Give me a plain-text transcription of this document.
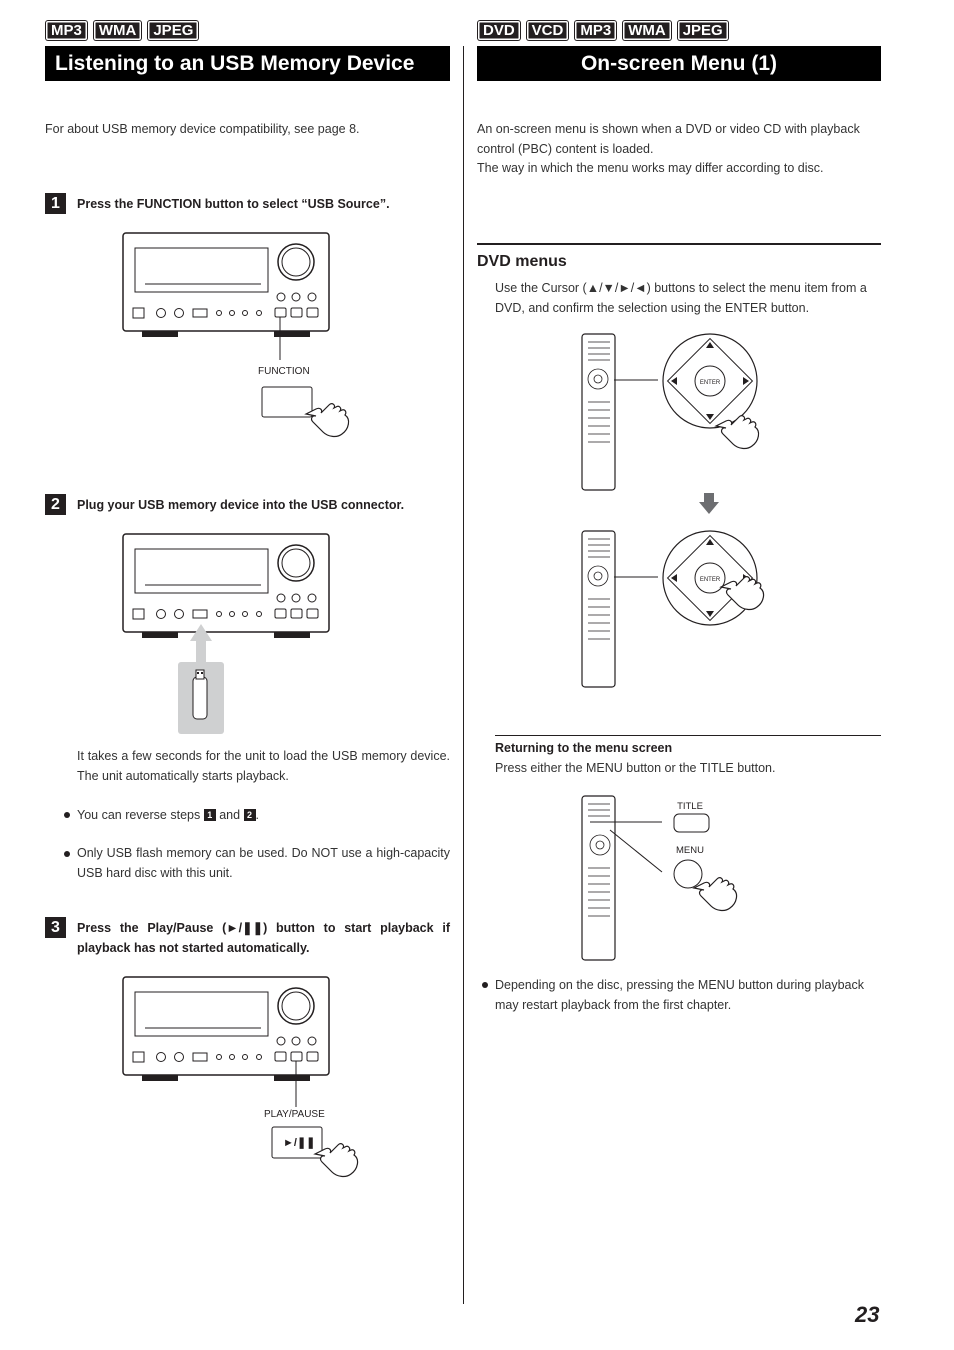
MP3	WMA	JPEG
Listening to an USB Memory Device
For about USB memory device compatibility, see page 8.
1	Press the FUNCTION button to select “USB Source”.
FUNCTION
2	Plug your USB memory device into the USB connector.
It takes a few seconds for the unit to load the USB memory device. The unit automatically starts playback.
You can reverse steps 1 and 2 .
Only USB flash memory can be used. Do NOT use a high-capacity USB hard disc with this unit.
3	Press the Play/Pause (►/❚❚) button to start playback if playback has not started automatically.
PLAY/PAUSE
►/❚❚
DVD	VCD	MP3	WMA	JPEG
On-screen Menu (1)
An on-screen menu is shown when a DVD or video CD with playback control (PBC) content is loaded.
The way in which the menu works may differ according to disc.
DVD menus
Use the Cursor (▲/▼/►/◄) buttons to select the menu item from a DVD, and confirm the selection using the ENTER button.
ENTER
ENTER
Returning to the menu screen
Press either the MENU button or the TITLE button.
TITLE
MENU
Depending on the disc, pressing the MENU button during playback may restart playback from the first chapter.
23
